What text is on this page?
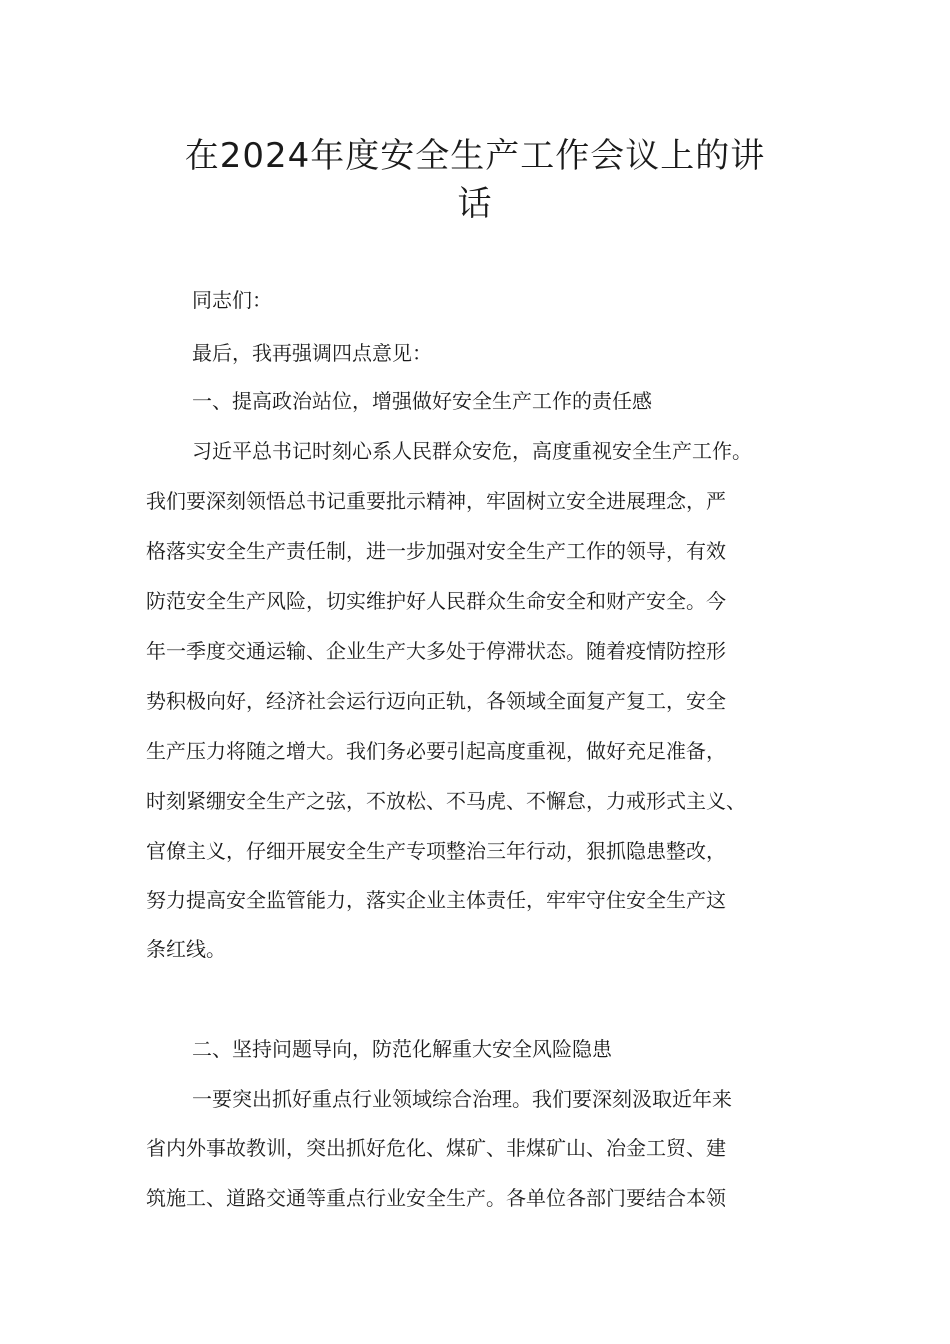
在2024年度安全生产工作会议上的讲
话
同志们：
最后，我再强调四点意见：
一、提高政治站位，增强做好安全生产工作的责任感
习近平总书记时刻心系人民群众安危，高度重视安全生产工作。
我们要深刻领悟总书记重要批示精神，牢固树立安全进展理念，严
格落实安全生产责任制，进一步加强对安全生产工作的领导，有效
防范安全生产风险，切实维护好人民群众生命安全和财产安全。今
年一季度交通运输、企业生产大多处于停滞状态。随着疫情防控形
势积极向好，经济社会运行迈向正轨，各领域全面复产复工，安全
生产压力将随之增大。我们务必要引起高度重视，做好充足准备，
时刻紧绷安全生产之弦，不放松、不马虎、不懈怠，力戒形式主义、
官僚主义，仔细开展安全生产专项整治三年行动，狠抓隐患整改，
努力提高安全监管能力，落实企业主体责任，牢牢守住安全生产这
条红线。
二、坚持问题导向，防范化解重大安全风险隐患
一要突出抓好重点行业领域综合治理。我们要深刻汲取近年来
省内外事故教训，突出抓好危化、煤矿、非煤矿山、冶金工贸、建
筑施工、道路交通等重点行业安全生产。各单位各部门要结合本领
